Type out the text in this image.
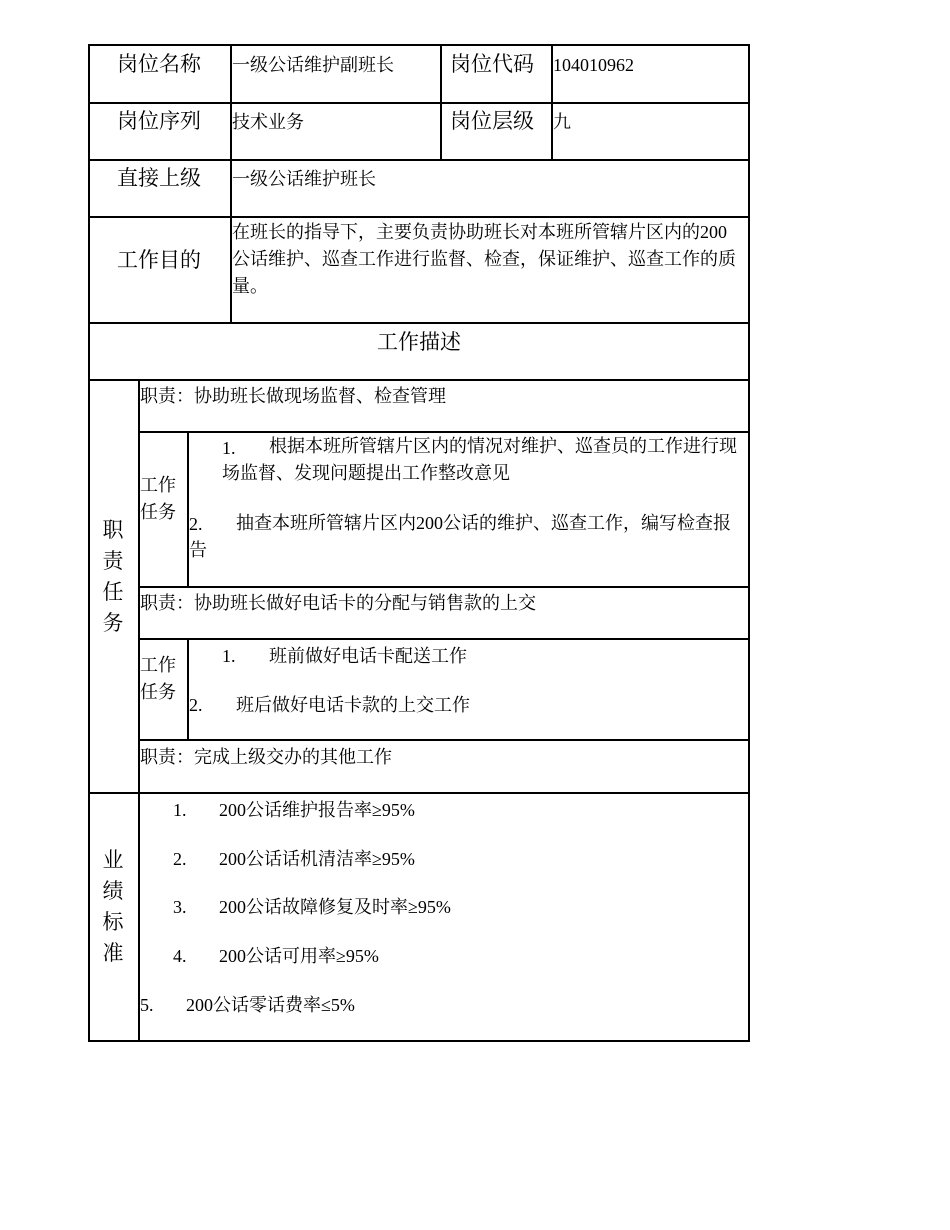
岗位名称 一级公话维护副班长	岗位代码 104010962
岗位序列 技术业务	岗位层级 九
直接上级 一级公话维护班长
工作目的
在班长的指导下，主要负责协助班长对本班所管辖片区内的200公话维护、巡查工作进行监督、检查，保证维护、巡查工作的质量。
工作描述
职责任务
职责：协助班长做现场监督、检查管理
工作任务
1.	根据本班所管辖片区内的情况对维护、巡查员的工作进行现场监督、发现问题提出工作整改意见
2.	抽查本班所管辖片区内200公话的维护、巡查工作，编写检查报告
职责：协助班长做好电话卡的分配与销售款的上交
工作任务
1. 班前做好电话卡配送工作
2. 班后做好电话卡款的上交工作
职责：完成上级交办的其他工作
业绩标准
1. 200公话维护报告率≥95%
2. 200公话话机清洁率≥95%
3. 200公话故障修复及时率≥95%
4. 200公话可用率≥95%
5. 200公话零话费率≤5%
